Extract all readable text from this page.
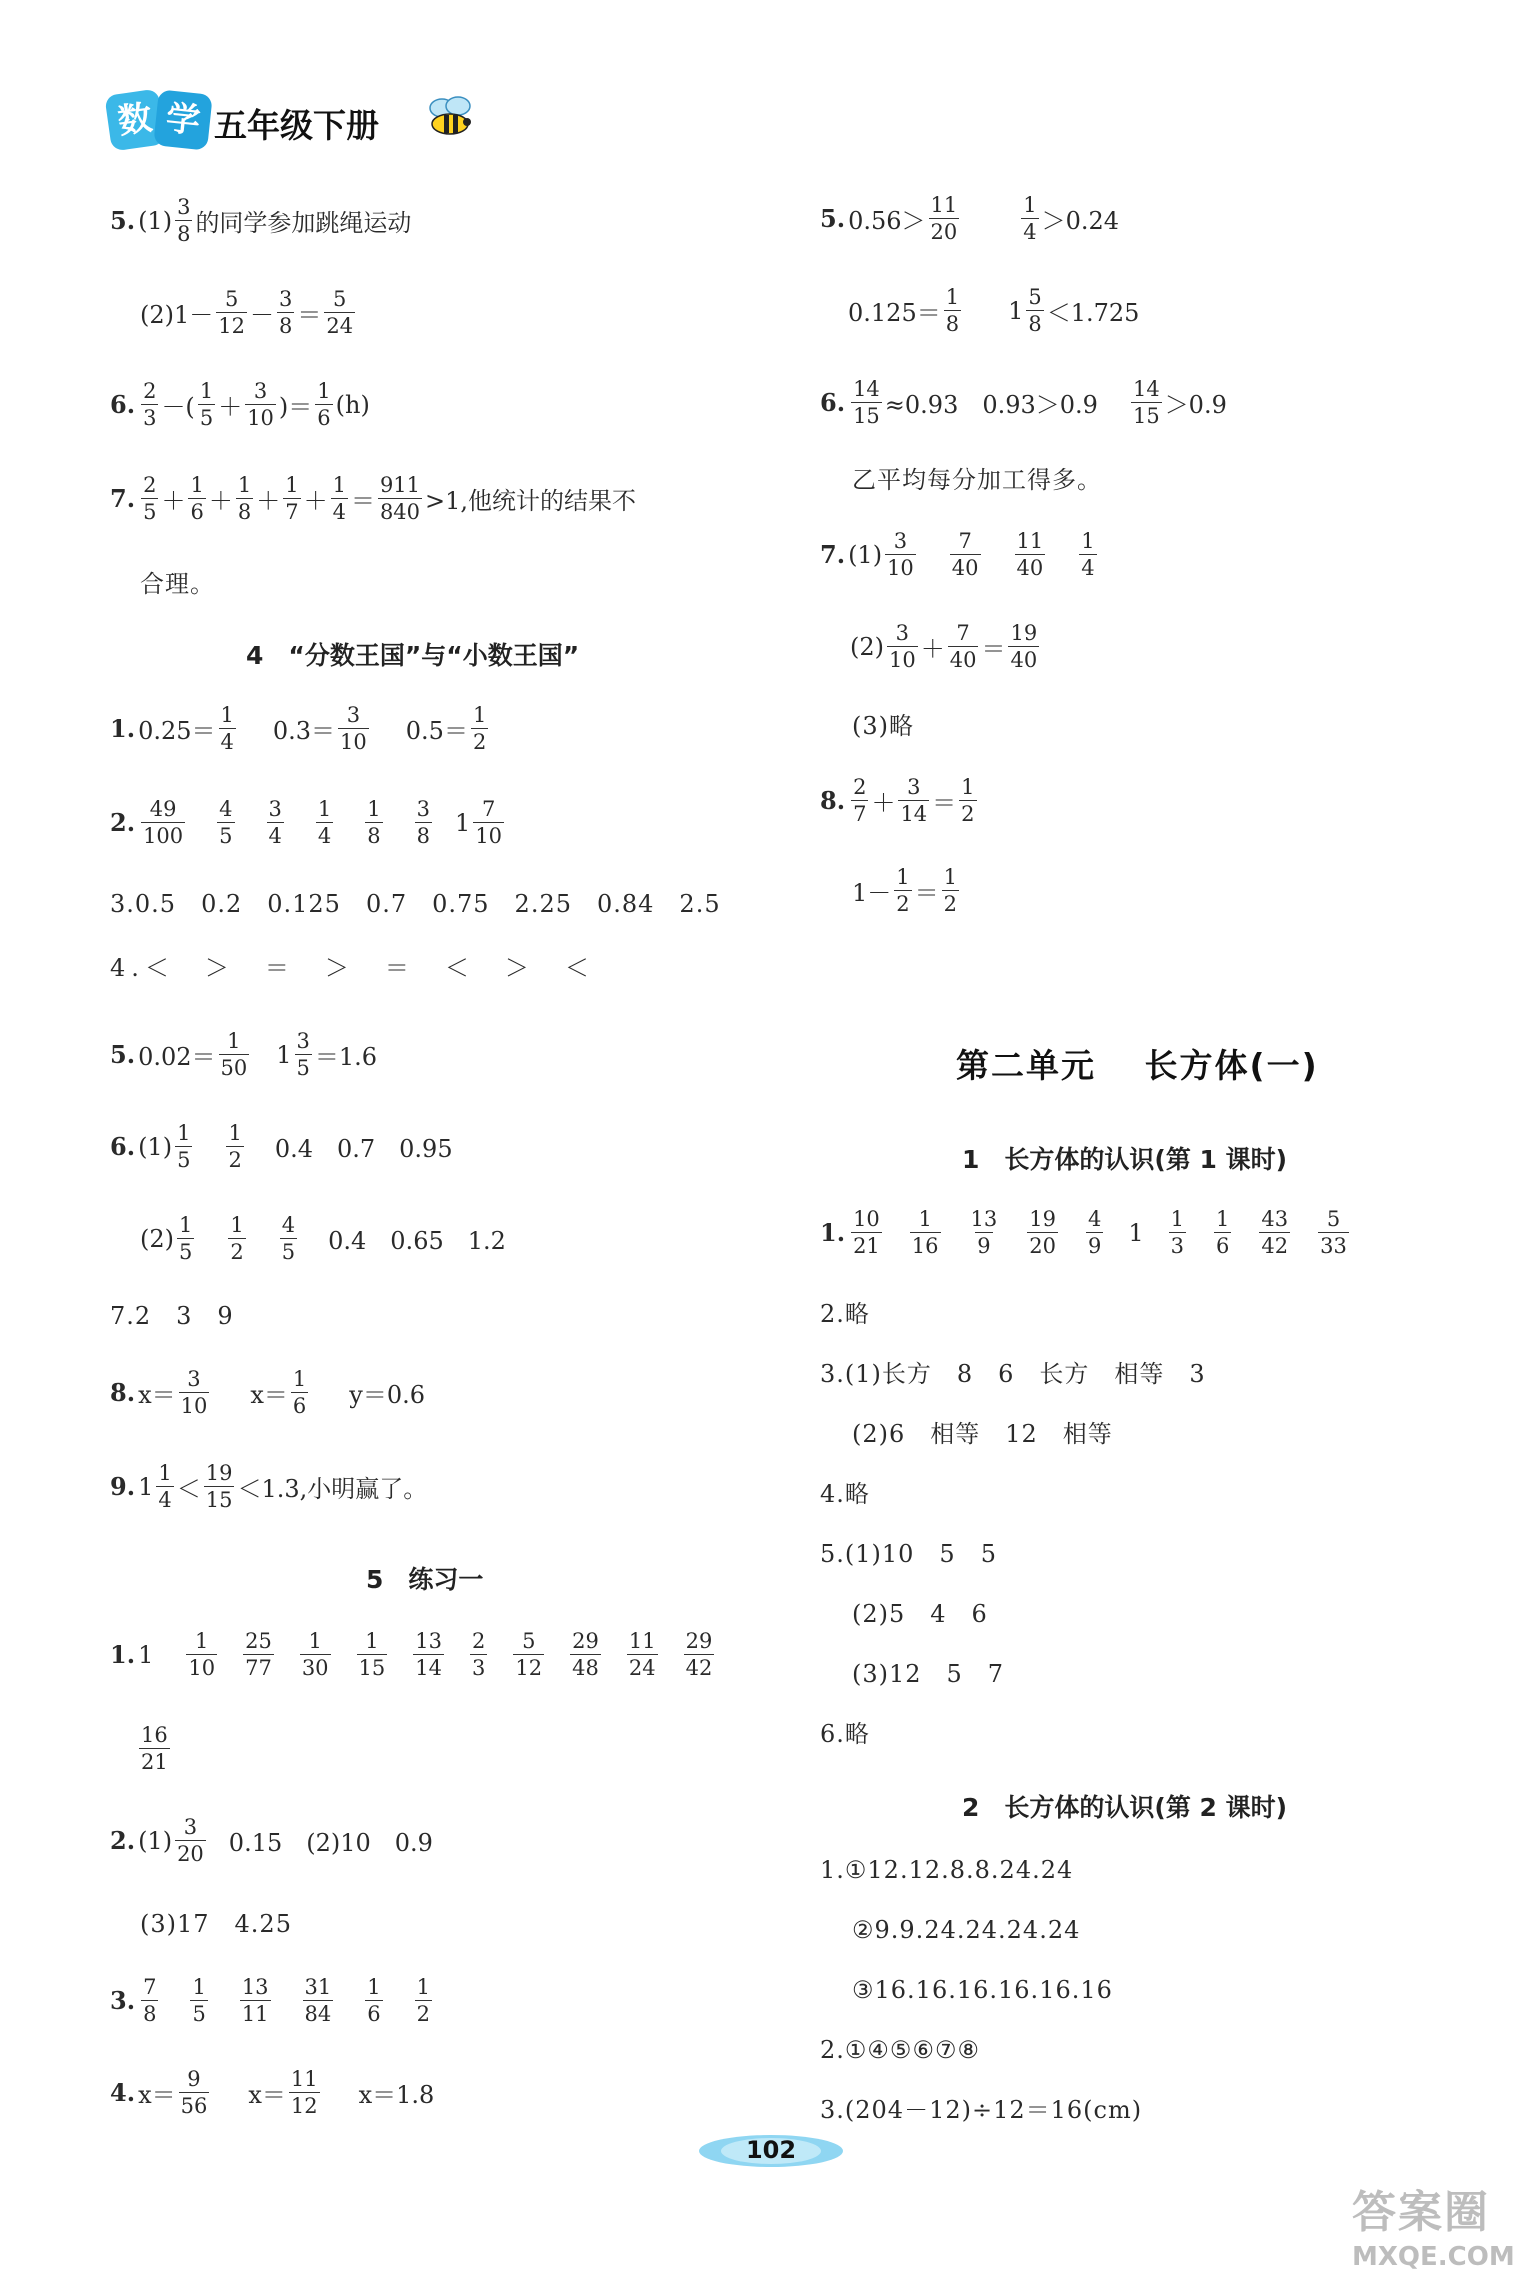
数 学 五年级下册
5. $(1) \frac{3}{8}$ 的同学参加跳绳运动
$(2)1- \frac{5}{12} - \frac{3}{8} = \frac{5}{24}$
6. $\frac{2}{3}$ －( $\frac{1}{5} + \frac{3}{10}$ )＝ $\frac{1}{6} (h)$
7. $\frac{2}{5} + \frac{1}{6} + \frac{1}{8} + \frac{1}{7} + \frac{1}{4} = \frac{911}{840} >1$,他统计的结果不
合理。
4　“分数王国”与“小数王国”
1. $0.25= \frac{1}{4} 0.3= \frac{3}{10} 0.5= \frac{1}{2}$
2. $\frac{49}{100} \frac{4}{5} \frac{3}{4} \frac{1}{4} \frac{1}{8} \frac{3}{8} 1 \frac{7}{10}$
3.0.5　0.2　0.125　0.7　0.75　2.25　0.84　2.5
4.＜　＞　＝　＞　＝　＜　＞　＜
5. $0.02= \frac{1}{50} 1 \frac{3}{5} =1.6$
6. $(1) \frac{1}{5} \frac{1}{2} 0.4$　0.7　0.95
$(2) \frac{1}{5} \frac{1}{2} \frac{4}{5} 0.4$　0.65　1.2
7.2　3　9
8. $x= \frac{3}{10} x= \frac{1}{6} y=0.6$
9. $1 \frac{1}{4} < \frac{19}{15} <1.3$,小明赢了。
5　练习一
1. $1 \frac{1}{10} \frac{25}{77} \frac{1}{30} \frac{1}{15} \frac{13}{14} \frac{2}{3} \frac{5}{12} \frac{29}{48} \frac{11}{24} \frac{29}{42}$
$\frac{16}{21}$
2. $(1) \frac{3}{20} 0.15$　(2)10　0.9
(3)17　4.25
3. $\frac{7}{8} \frac{1}{5} \frac{13}{11} \frac{31}{84} \frac{1}{6} \frac{1}{2}$
4. $x= \frac{9}{56} x= \frac{11}{12} x=1.8$
5. $0.56> \frac{11}{20}$	$\frac{1}{4} >0.24$
$0.125= \frac{1}{8} 1 \frac{5}{8} <1.725$
6. $\frac{14}{15} \approx 0.93$　$0.93>0.9 \frac{14}{15} >0.9$
乙平均每分加工得多。
7. $(1) \frac{3}{10} \frac{7}{40} \frac{11}{40} \frac{1}{4}$
$(2) \frac{3}{10} + \frac{7}{40} = \frac{19}{40}$
(3)略
8. $\frac{2}{7} + \frac{3}{14} = \frac{1}{2}$
$1- \frac{1}{2} = \frac{1}{2}$
第二单元　 长方体(一)
1　长方体的认识(第 1 课时)
1. $\frac{10}{21} \frac{1}{16} \frac{13}{9} \frac{19}{20} \frac{4}{9} 1 \frac{1}{3} \frac{1}{6} \frac{43}{42} \frac{5}{33}$
2.略
3.(1)长方　8　6　长方　相等　3
(2)6　相等　12　相等
4.略
5.(1)10　5　5
(2)5　4　6
(3)12　5　7
6.略
2　长方体的认识(第 2 课时)
1.①12.12.8.8.24.24
②9.9.24.24.24.24
③16.16.16.16.16.16
2.①④⑤⑥⑦⑧
3.(204－12)÷12＝16(cm)
102
答案圈
MXQE.COM
